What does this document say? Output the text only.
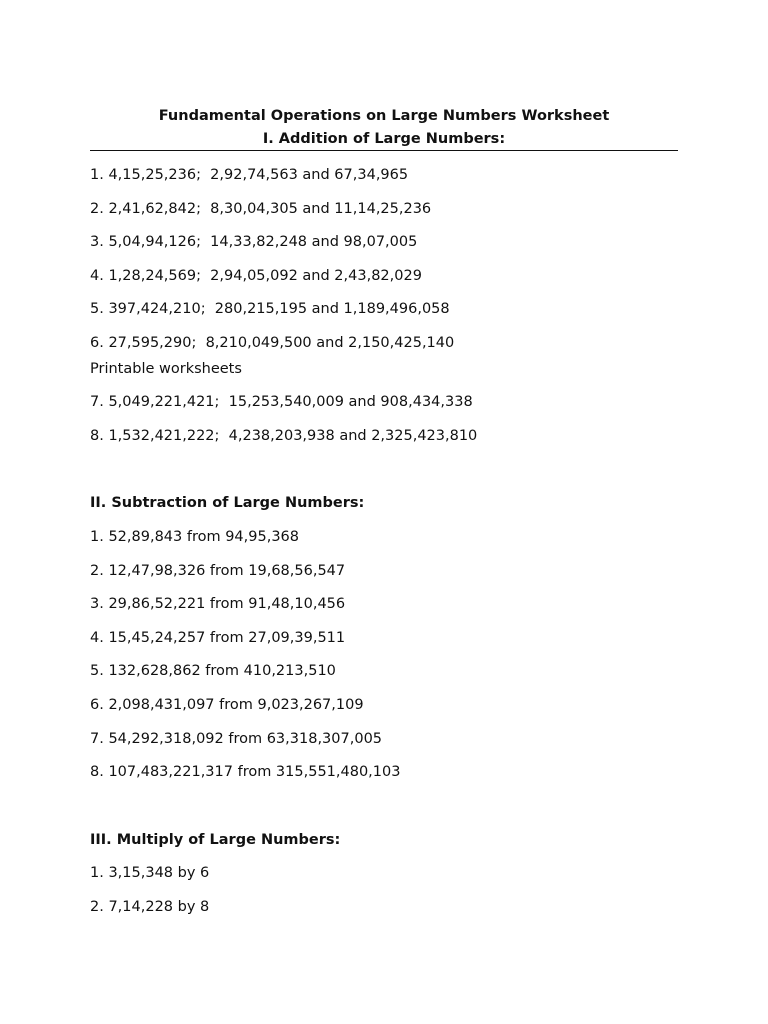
Fundamental Operations on Large Numbers Worksheet
I. Addition of Large Numbers:
1. 4,15,25,236;  2,92,74,563 and 67,34,965
2. 2,41,62,842;  8,30,04,305 and 11,14,25,236
3. 5,04,94,126;  14,33,82,248 and 98,07,005
4. 1,28,24,569;  2,94,05,092 and 2,43,82,029
5. 397,424,210;  280,215,195 and 1,189,496,058
6. 27,595,290;  8,210,049,500 and 2,150,425,140
Printable worksheets
7. 5,049,221,421;  15,253,540,009 and 908,434,338
8. 1,532,421,222;  4,238,203,938 and 2,325,423,810
II. Subtraction of Large Numbers:
1. 52,89,843 from 94,95,368
2. 12,47,98,326 from 19,68,56,547
3. 29,86,52,221 from 91,48,10,456
4. 15,45,24,257 from 27,09,39,511
5. 132,628,862 from 410,213,510
6. 2,098,431,097 from 9,023,267,109
7. 54,292,318,092 from 63,318,307,005
8. 107,483,221,317 from 315,551,480,103
III. Multiply of Large Numbers:
1. 3,15,348 by 6
2. 7,14,228 by 8
